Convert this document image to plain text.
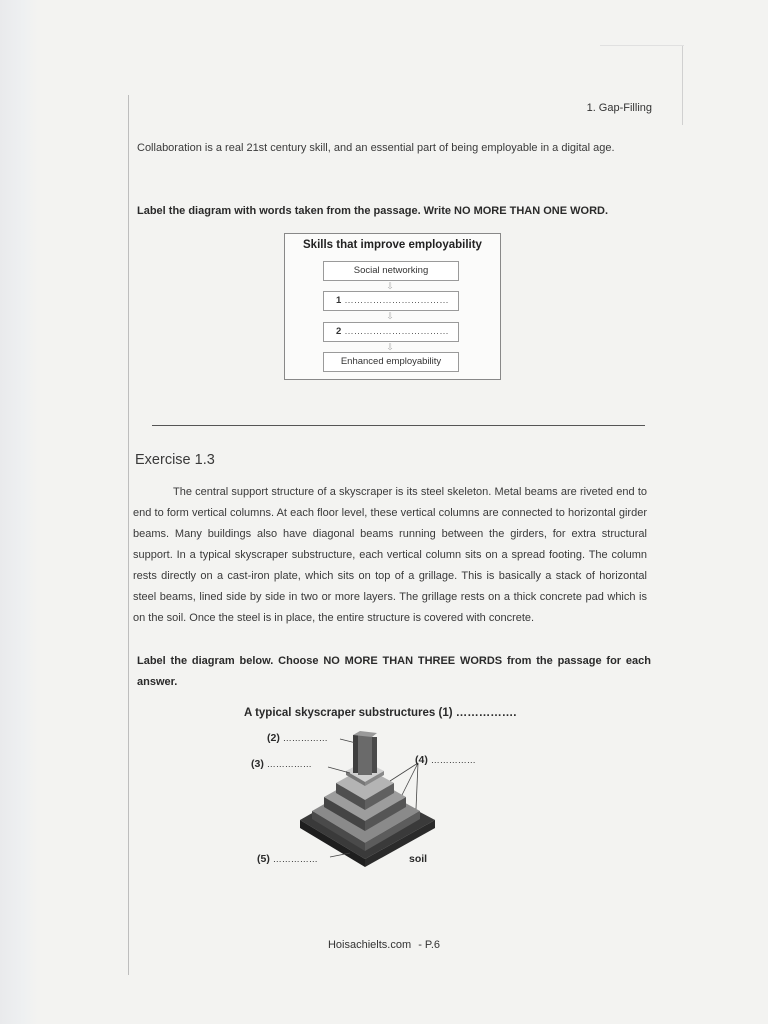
1. Gap-Filling
Collaboration is a real 21st century skill, and an essential part of being employable in a digital age.
Label the diagram with words taken from the passage. Write NO MORE THAN ONE WORD.
Skills that improve employability
Social networking
⇩
1 ……………………………
⇩
2 ……………………………
⇩
Enhanced employability
Exercise 1.3
The central support structure of a skyscraper is its steel skeleton. Metal beams are riveted end to end to form vertical columns. At each floor level, these vertical columns are connected to horizontal girder beams. Many buildings also have diagonal beams running between the girders, for extra structural support. In a typical skyscraper substructure, each vertical column sits on a spread footing. The column rests directly on a cast-iron plate, which sits on top of a grillage. This is basically a stack of horizontal steel beams, lined side by side in two or more layers. The grillage rests on a thick concrete pad which is on the soil. Once the steel is in place, the entire structure is covered with concrete.
Label the diagram below. Choose NO MORE THAN THREE WORDS from the passage for each answer.
A typical skyscraper substructures (1) …………….
(2) ……………
(3) ……………	(4) ……………
(5) ……………	soil
Hoisachielts.com - P.6
